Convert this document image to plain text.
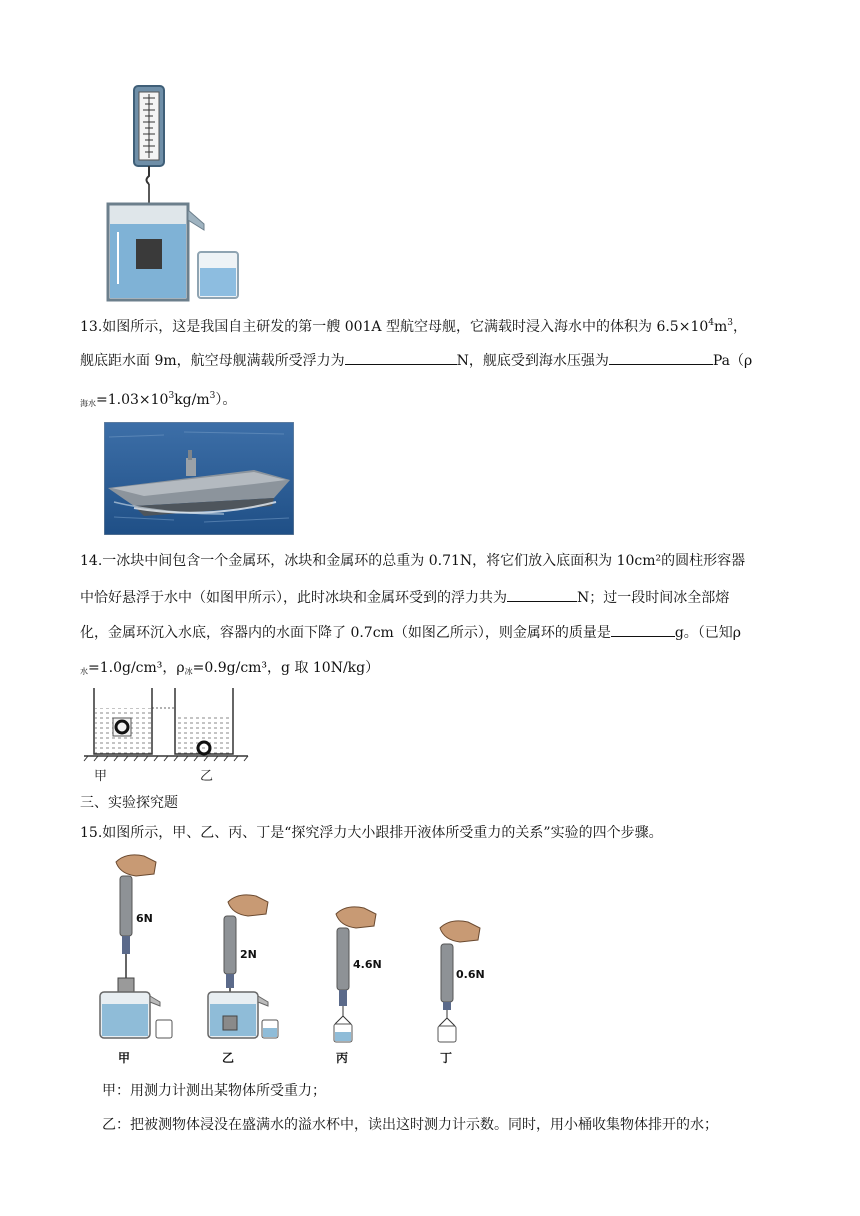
13.如图所示，这是我国自主研发的第一艘 001A 型航空母舰，它满载时浸入海水中的体积为 $6.5\times 10^4m^3$，
舰底距水面 9m，航空母舰满载所受浮力为	N，舰底受到海水压强为	Pa（ρ
$_{海水}=1.03\times 10^3kg/m^3$）。
14.一冰块中间包含一个金属环，冰块和金属环的总重为 0.71N，将它们放入底面积为 10cm²的圆柱形容器
中恰好悬浮于水中（如图甲所示），此时冰块和金属环受到的浮力共为	N；过一段时间冰全部熔
化，金属环沉入水底，容器内的水面下降了 0.7cm（如图乙所示），则金属环的质量是	g。（已知ρ
$_水$=1.0g/cm³，$\rho_冰=0.9g$/cm³，g 取 10N/kg）
甲	乙
三、实验探究题
15.如图所示，甲、乙、丙、丁是“探究浮力大小跟排开液体所受重力的关系”实验的四个步骤。
6N
甲
2N
乙
4.6N
丙
0.6N
丁
甲：用测力计测出某物体所受重力；
乙：把被测物体浸没在盛满水的溢水杯中，读出这时测力计示数。同时，用小桶收集物体排开的水；
